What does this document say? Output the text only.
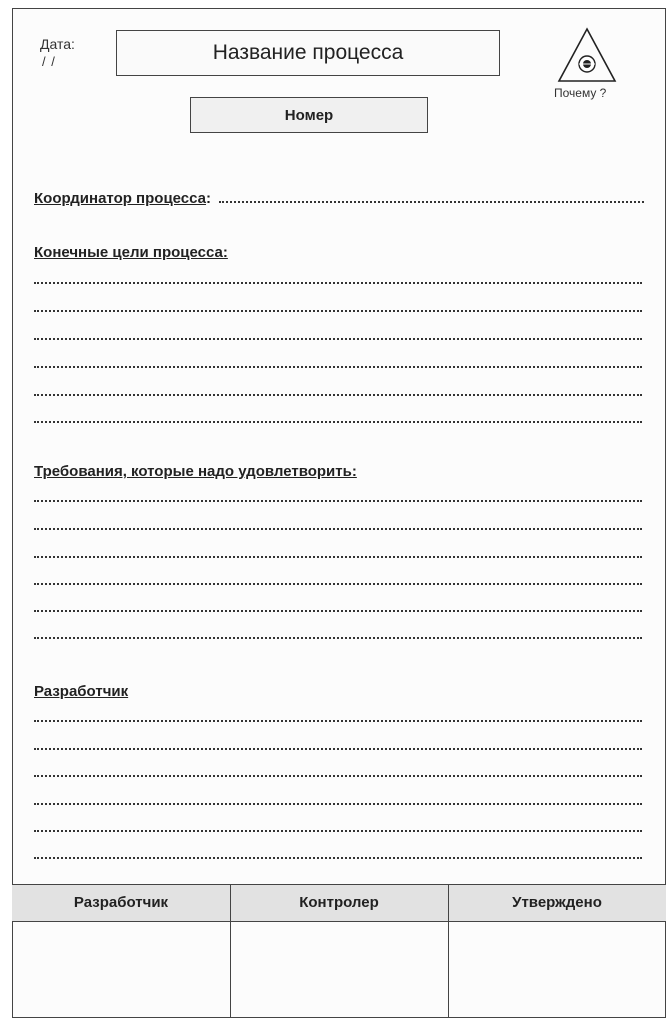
Дата:
/ /	Название процесса
Номер
Почему ?
Координатор процесса :
Конечные цели процесса:
Требования, которые надо удовлетворить:
Разработчик
Разработчик	Контролер	Утверждено
